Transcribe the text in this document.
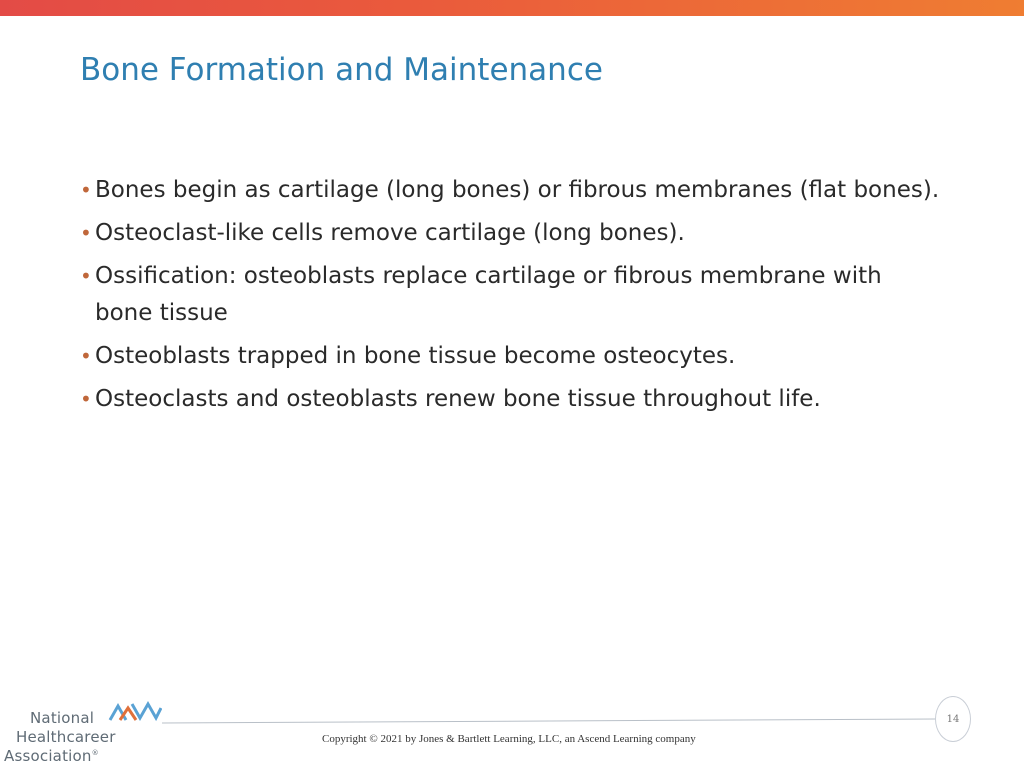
Bone Formation and Maintenance
• Bones begin as cartilage (long bones) or fibrous membranes (flat bones).
• Osteoclast-like cells remove cartilage (long bones).
• Ossification: osteoblasts replace cartilage or fibrous membrane with bone tissue
• Osteoblasts trapped in bone tissue become osteocytes.
• Osteoclasts and osteoblasts renew bone tissue throughout life.
14
Copyright © 2021 by Jones & Bartlett Learning, LLC, an Ascend Learning company
National
Healthcareer
Association®
